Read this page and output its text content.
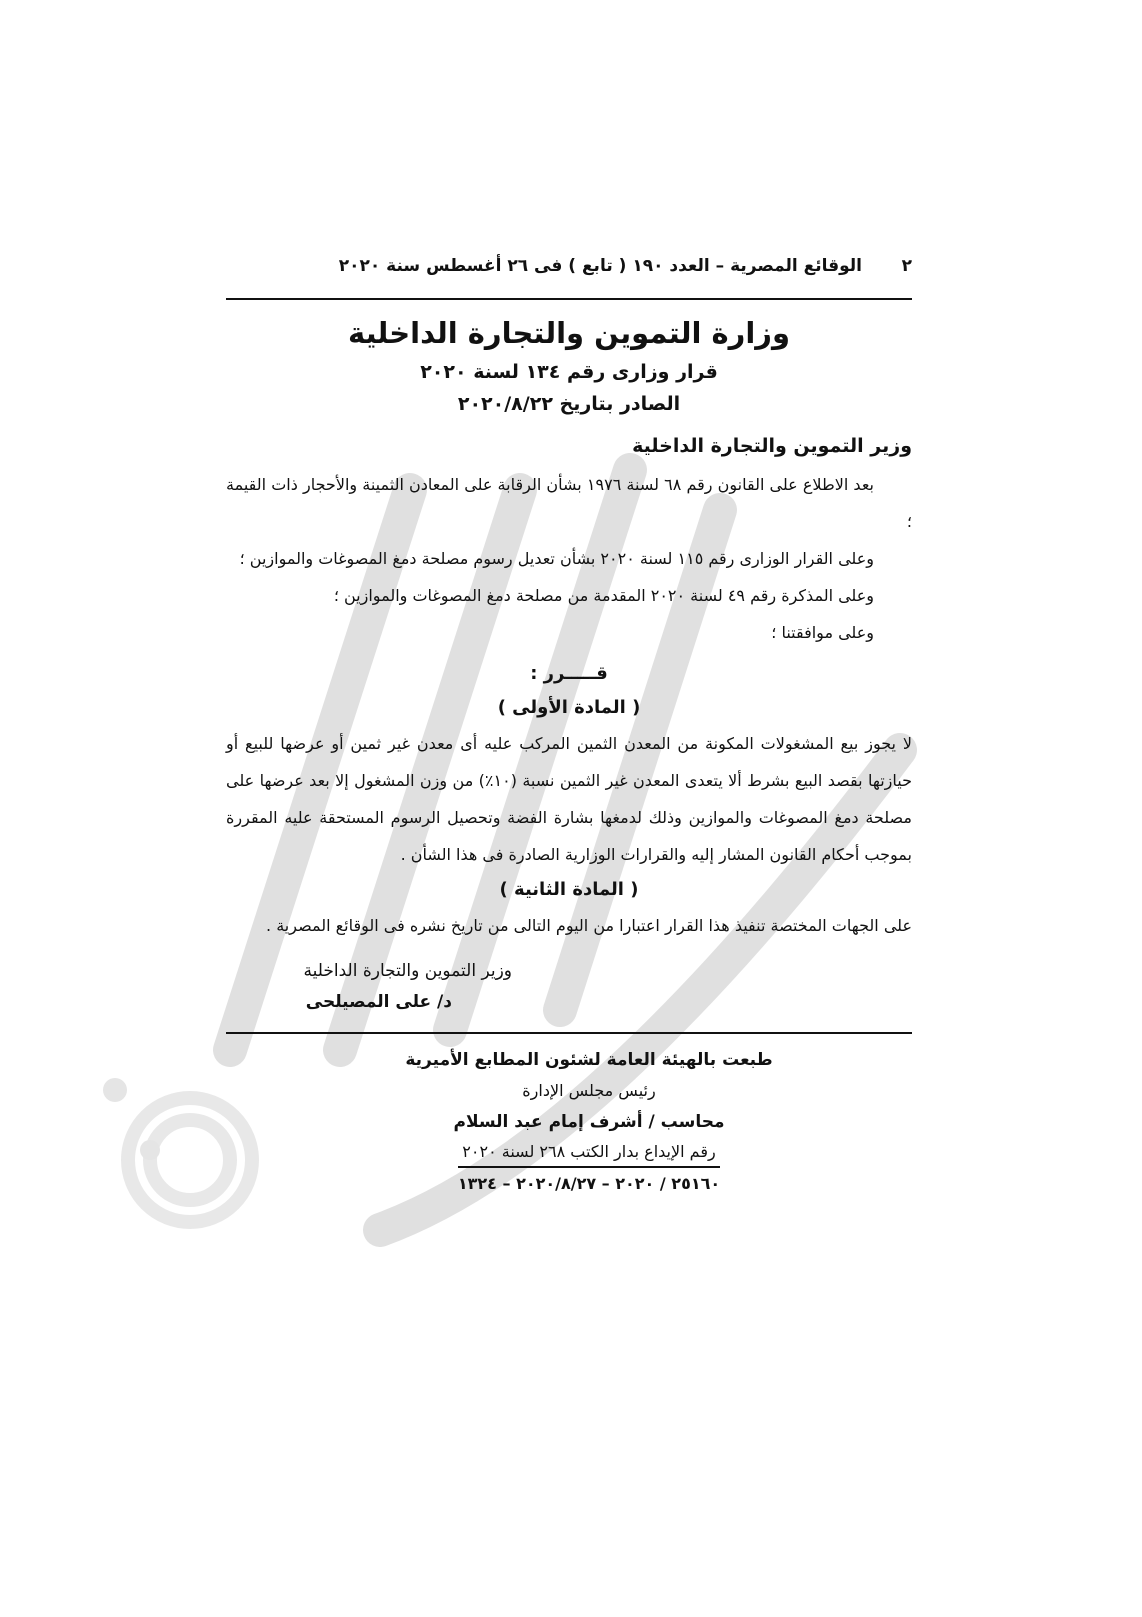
٢
الوقائع المصرية – العدد ١٩٠ ( تابع ) فى ٢٦ أغسطس سنة ٢٠٢٠
وزارة التموين والتجارة الداخلية
قرار وزارى رقم ١٣٤ لسنة ٢٠٢٠
الصادر بتاريخ ٢٠٢٠/٨/٢٢
وزير التموين والتجارة الداخلية

بعد الاطلاع على القانون رقم ٦٨ لسنة ١٩٧٦ بشأن الرقابة على المعادن الثمينة والأحجار ذات القيمة ؛

وعلى القرار الوزارى رقم ١١٥ لسنة ٢٠٢٠ بشأن تعديل رسوم مصلحة دمغ المصوغات والموازين ؛

وعلى المذكرة رقم ٤٩ لسنة ٢٠٢٠ المقدمة من مصلحة دمغ المصوغات والموازين ؛

وعلى موافقتنا ؛

قـــــرر :
( المادة الأولى )

لا يجوز بيع المشغولات المكونة من المعدن الثمين المركب عليه أى معدن غير ثمين أو عرضها للبيع أو حيازتها بقصد البيع بشرط ألا يتعدى المعدن غير الثمين نسبة (١٠٪) من وزن المشغول إلا بعد عرضها على مصلحة دمغ المصوغات والموازين وذلك لدمغها بشارة الفضة وتحصيل الرسوم المستحقة عليه المقررة بموجب أحكام القانون المشار إليه والقرارات الوزارية الصادرة فى هذا الشأن .

( المادة الثانية )

على الجهات المختصة تنفيذ هذا القرار اعتبارا من اليوم التالى من تاريخ نشره فى الوقائع المصرية .

وزير التموين والتجارة الداخلية
د/ على المصيلحى
طبعت بالهيئة العامة لشئون المطابع الأميرية
رئيس مجلس الإدارة
محاسب / أشرف إمام عبد السلام
رقم الإيداع بدار الكتب ٢٦٨ لسنة ٢٠٢٠
٢٥١٦٠ / ٢٠٢٠ – ٢٠٢٠/٨/٢٧ – ١٣٢٤
